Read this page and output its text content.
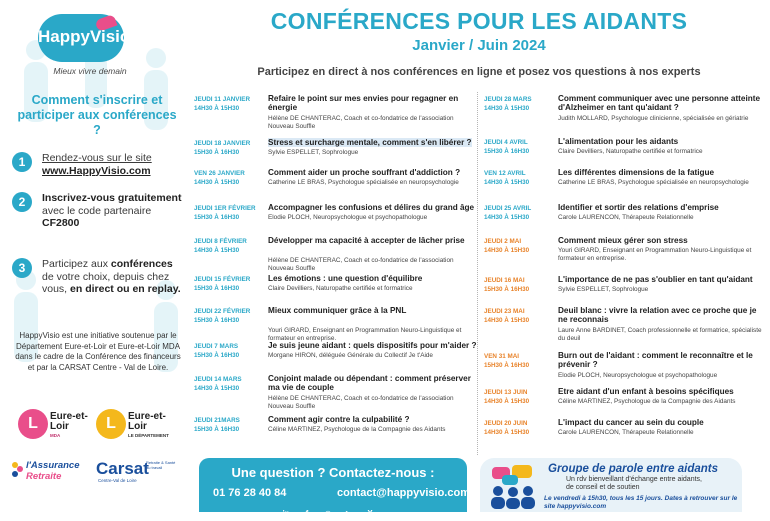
HappyVisio
Mieux vivre demain
Comment s'inscrire et participer aux conférences ?
1	Rendez-vous sur le site
www.HappyVisio.com
2	Inscrivez-vous gratuitement
avec le code partenaire
CF2800
3	Participez aux conférences de votre choix, depuis chez vous, en direct ou en replay.
HappyVisio est une initiative soutenue par le Département Eure-et-Loir et Eure-et-Loir MDA dans le cadre de la Conférence des financeurs et par la CARSAT Centre - Val de Loire.
L	Eure-et-Loir
MDA
L	Eure-et-Loir
LE DÉPARTEMENT
l'Assurance
Retraite Carsat
Retraite & Santé au travail
Centre-Val de Loire
CONFÉRENCES POUR LES AIDANTS
Janvier / Juin 2024
Participez en direct à nos conférences en ligne et posez vos questions à nos experts
JEUDI 11 JANVIER
14H30 À 15H30
Refaire le point sur mes envies pour regagner en énergie
Hélène DE CHANTERAC, Coach et co-fondatrice de l'association Nouveau Souffle
JEUDI 18 JANVIER
15H30 À 16H30
Stress et surcharge mentale, comment s'en libérer ?
Sylvie ESPELLET, Sophrologue
VEN 26 JANVIER
14H30 À 15H30
Comment aider un proche souffrant d'addiction ?
Catherine LE BRAS, Psychologue spécialisée en neuropsychologie
JEUDI 1ER FÉVRIER
15H30 À 16H30
Accompagner les confusions et délires du grand âge
Elodie PLOCH, Neuropsychologue et psychopathologue
JEUDI 8 FÉVRIER
14H30 À 15H30
Développer ma capacité à accepter de lâcher prise
Hélène DE CHANTERAC, Coach et co-fondatrice de l'association Nouveau Souffle
JEUDI 15 FÉVRIER
15H30 À 16H30
Les émotions : une question d'équilibre
Claire Devilliers, Naturopathe certifiée et formatrice
JEUDI 22 FÉVRIER
15H30 À 16H30
Mieux communiquer grâce à la PNL
Youri GIRARD, Enseignant en Programmation Neuro-Linguistique et formateur en entreprise.
JEUDI 7 MARS
15H30 À 16H30
Je suis jeune aidant : quels dispositifs pour m'aider ?
Morgane HIRON, déléguée Générale du Collectif Je t'Aide
JEUDI 14 MARS
14H30 À 15H30
Conjoint malade ou dépendant : comment préserver ma vie de couple
Hélène DE CHANTERAC, Coach et co-fondatrice de l'association Nouveau Souffle
JEUDI 21MARS
15H30 À 16H30
Comment agir contre la culpabilité ?
Céline MARTINEZ, Psychologue de la Compagnie des Aidants
JEUDI 28 MARS
14H30 À 15H30
Comment communiquer avec une personne atteinte d'Alzheimer en tant qu'aidant ?
Judith MOLLARD, Psychologue clinicienne, spécialisée en gériatrie
JEUDI 4 AVRIL
15H30 À 16H30
L'alimentation pour les aidants
Claire Devilliers, Naturopathe certifiée et formatrice
VEN 12 AVRIL
14H30 À 15H30
Les différentes dimensions de la fatigue
Catherine LE BRAS, Psychologue spécialisée en neuropsychologie
JEUDI 25 AVRIL
14H30 À 15H30
Identifier et sortir des relations d'emprise
Carole LAURENCON, Thérapeute Relationnelle
JEUDI 2 MAI
14H30 À 15H30
Comment mieux gérer son stress
Youri GIRARD, Enseignant en Programmation Neuro-Linguistique et formateur en entreprise.
JEUDI 16 MAI
15H30 À 16H30
L'importance de ne pas s'oublier en tant qu'aidant
Sylvie ESPELLET, Sophrologue
JEUDI 23 MAI
14H30 À 15H30
Deuil blanc : vivre la relation avec ce proche que je ne reconnais
Laure Anne BARDINET, Coach professionnelle et formatrice, spécialiste du deuil
VEN 31 MAI
15H30 À 16H30
Burn out de l'aidant : comment le reconnaître et le prévenir ?
Elodie PLOCH, Neuropsychologue et psychopathologue
JEUDI 13 JUIN
14H30 À 15H30
Etre aidant d'un enfant à besoins spécifiques
Céline MARTINEZ, Psychologue de la Compagnie des Aidants
JEUDI 20 JUIN
14H30 À 15H30
L'impact du cancer au sein du couple
Carole LAURENCON, Thérapeute Relationnelle
Une question ? Contactez-nous :
01 76 28 40 84	contact@happyvisio.com
in f ◎ ▶ X
Groupe de parole entre aidants
Un rdv bienveillant d'échange entre aidants, de conseil et de soutien
Le vendredi à 15h30, tous les 15 jours. Dates à retrouver sur le site happyvisio.com
